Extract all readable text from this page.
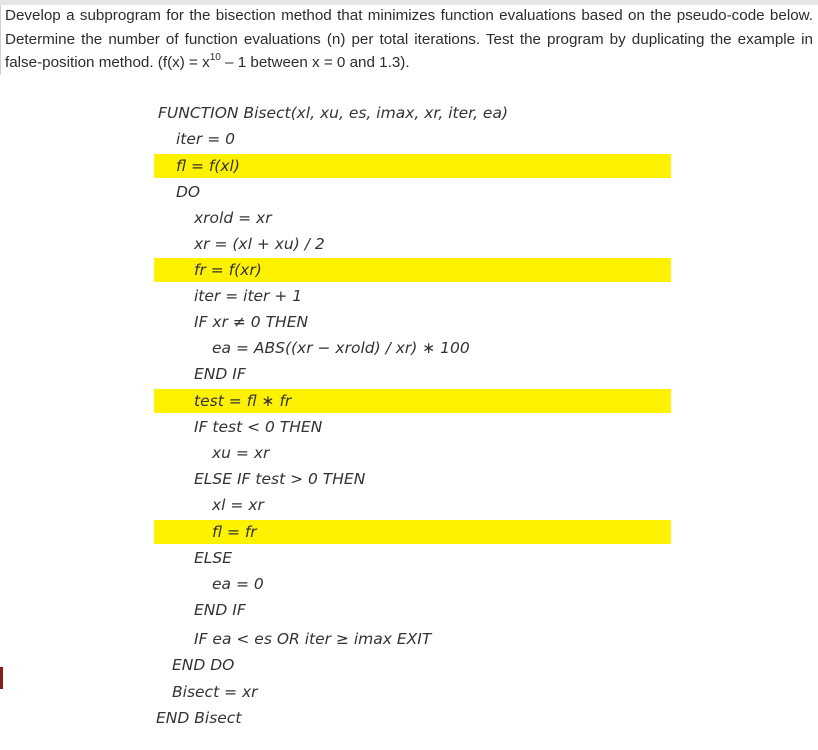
Develop a subprogram for the bisection method that minimizes function evaluations based on the pseudo-code below. Determine the number of function evaluations (n) per total iterations. Test the program by duplicating the example in false-position method. ($f(x) = x^{10} - 1$ between x = 0 and 1.3).

FUNCTION Bisect(xl, xu, es, imax, xr, iter, ea)
iter = 0
fl = f(xl)
DO
xrold = xr
xr = (xl + xu) / 2
fr = f(xr)
iter = iter + 1
IF xr ≠ 0 THEN
ea = ABS((xr − xrold) / xr) ∗ 100
END IF
test = fl ∗ fr
IF test < 0 THEN
xu = xr
ELSE IF test > 0 THEN
xl = xr
fl = fr
ELSE
ea = 0
END IF
IF ea < es OR iter ≥ imax EXIT
END DO
Bisect = xr
END Bisect
